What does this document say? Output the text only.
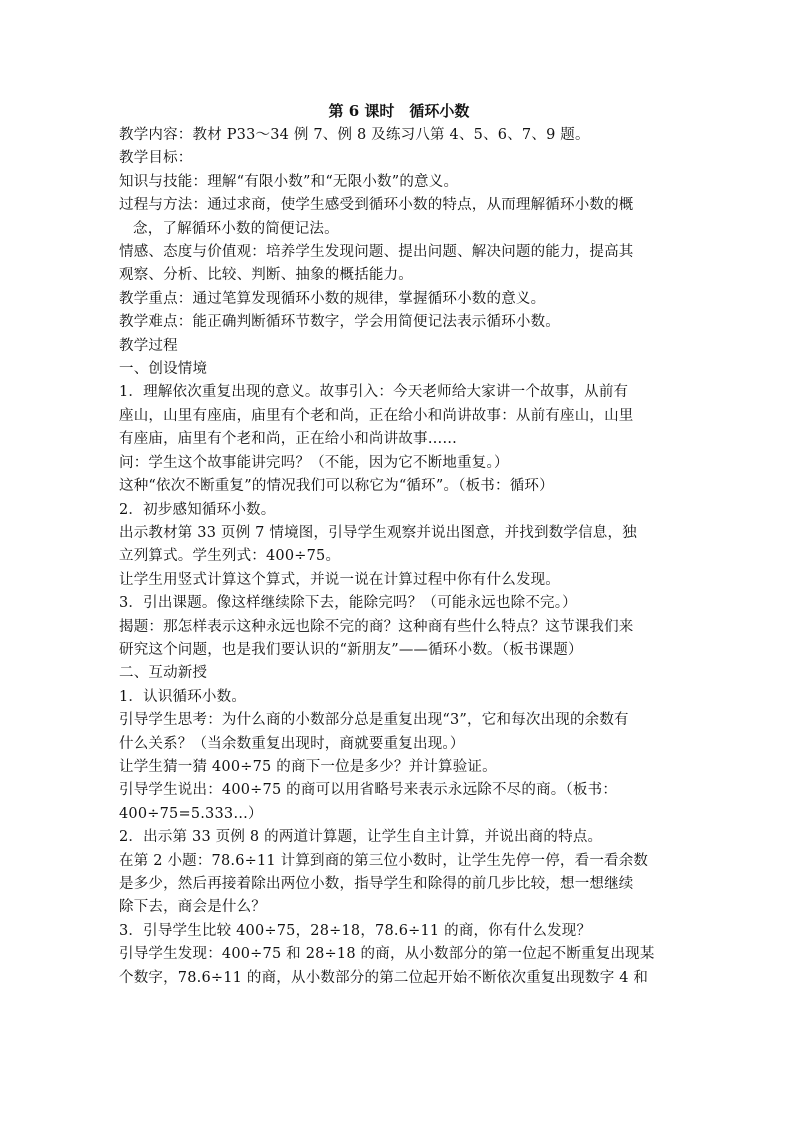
第 6 课时　循环小数

教学内容：教材 P33～34 例 7、例 8 及练习八第 4、5、6、7、9 题。

教学目标：

知识与技能：理解“有限小数”和“无限小数”的意义。

过程与方法：通过求商，使学生感受到循环小数的特点，从而理解循环小数的概

念，了解循环小数的简便记法。

情感、态度与价值观：培养学生发现问题、提出问题、解决问题的能力，提高其

观察、分析、比较、判断、抽象的概括能力。

教学重点：通过笔算发现循环小数的规律，掌握循环小数的意义。

教学难点：能正确判断循环节数字，学会用简便记法表示循环小数。

教学过程

一、创设情境

1．理解依次重复出现的意义。故事引入：今天老师给大家讲一个故事，从前有

座山，山里有座庙，庙里有个老和尚，正在给小和尚讲故事：从前有座山，山里

有座庙，庙里有个老和尚，正在给小和尚讲故事……

问：学生这个故事能讲完吗？（不能，因为它不断地重复。）

这种“依次不断重复”的情况我们可以称它为“循环”。（板书：循环）

2．初步感知循环小数。

出示教材第 33 页例 7 情境图，引导学生观察并说出图意，并找到数学信息，独

立列算式。学生列式：400÷75。

让学生用竖式计算这个算式，并说一说在计算过程中你有什么发现。

3．引出课题。像这样继续除下去，能除完吗？（可能永远也除不完。）

揭题：那怎样表示这种永远也除不完的商？这种商有些什么特点？这节课我们来

研究这个问题，也是我们要认识的“新朋友”——循环小数。（板书课题）

二、互动新授

1．认识循环小数。

引导学生思考：为什么商的小数部分总是重复出现“3”，它和每次出现的余数有

什么关系？（当余数重复出现时，商就要重复出现。）

让学生猜一猜 400÷75 的商下一位是多少？并计算验证。

引导学生说出：400÷75 的商可以用省略号来表示永远除不尽的商。（板书：

400÷75=5.333…）

2．出示第 33 页例 8 的两道计算题，让学生自主计算，并说出商的特点。

在第 2 小题：78.6÷11 计算到商的第三位小数时，让学生先停一停，看一看余数

是多少，然后再接着除出两位小数，指导学生和除得的前几步比较，想一想继续

除下去，商会是什么？

3．引导学生比较 400÷75，28÷18，78.6÷11 的商，你有什么发现？

引导学生发现：400÷75 和 28÷18 的商，从小数部分的第一位起不断重复出现某

个数字，78.6÷11 的商，从小数部分的第二位起开始不断依次重复出现数字 4 和
